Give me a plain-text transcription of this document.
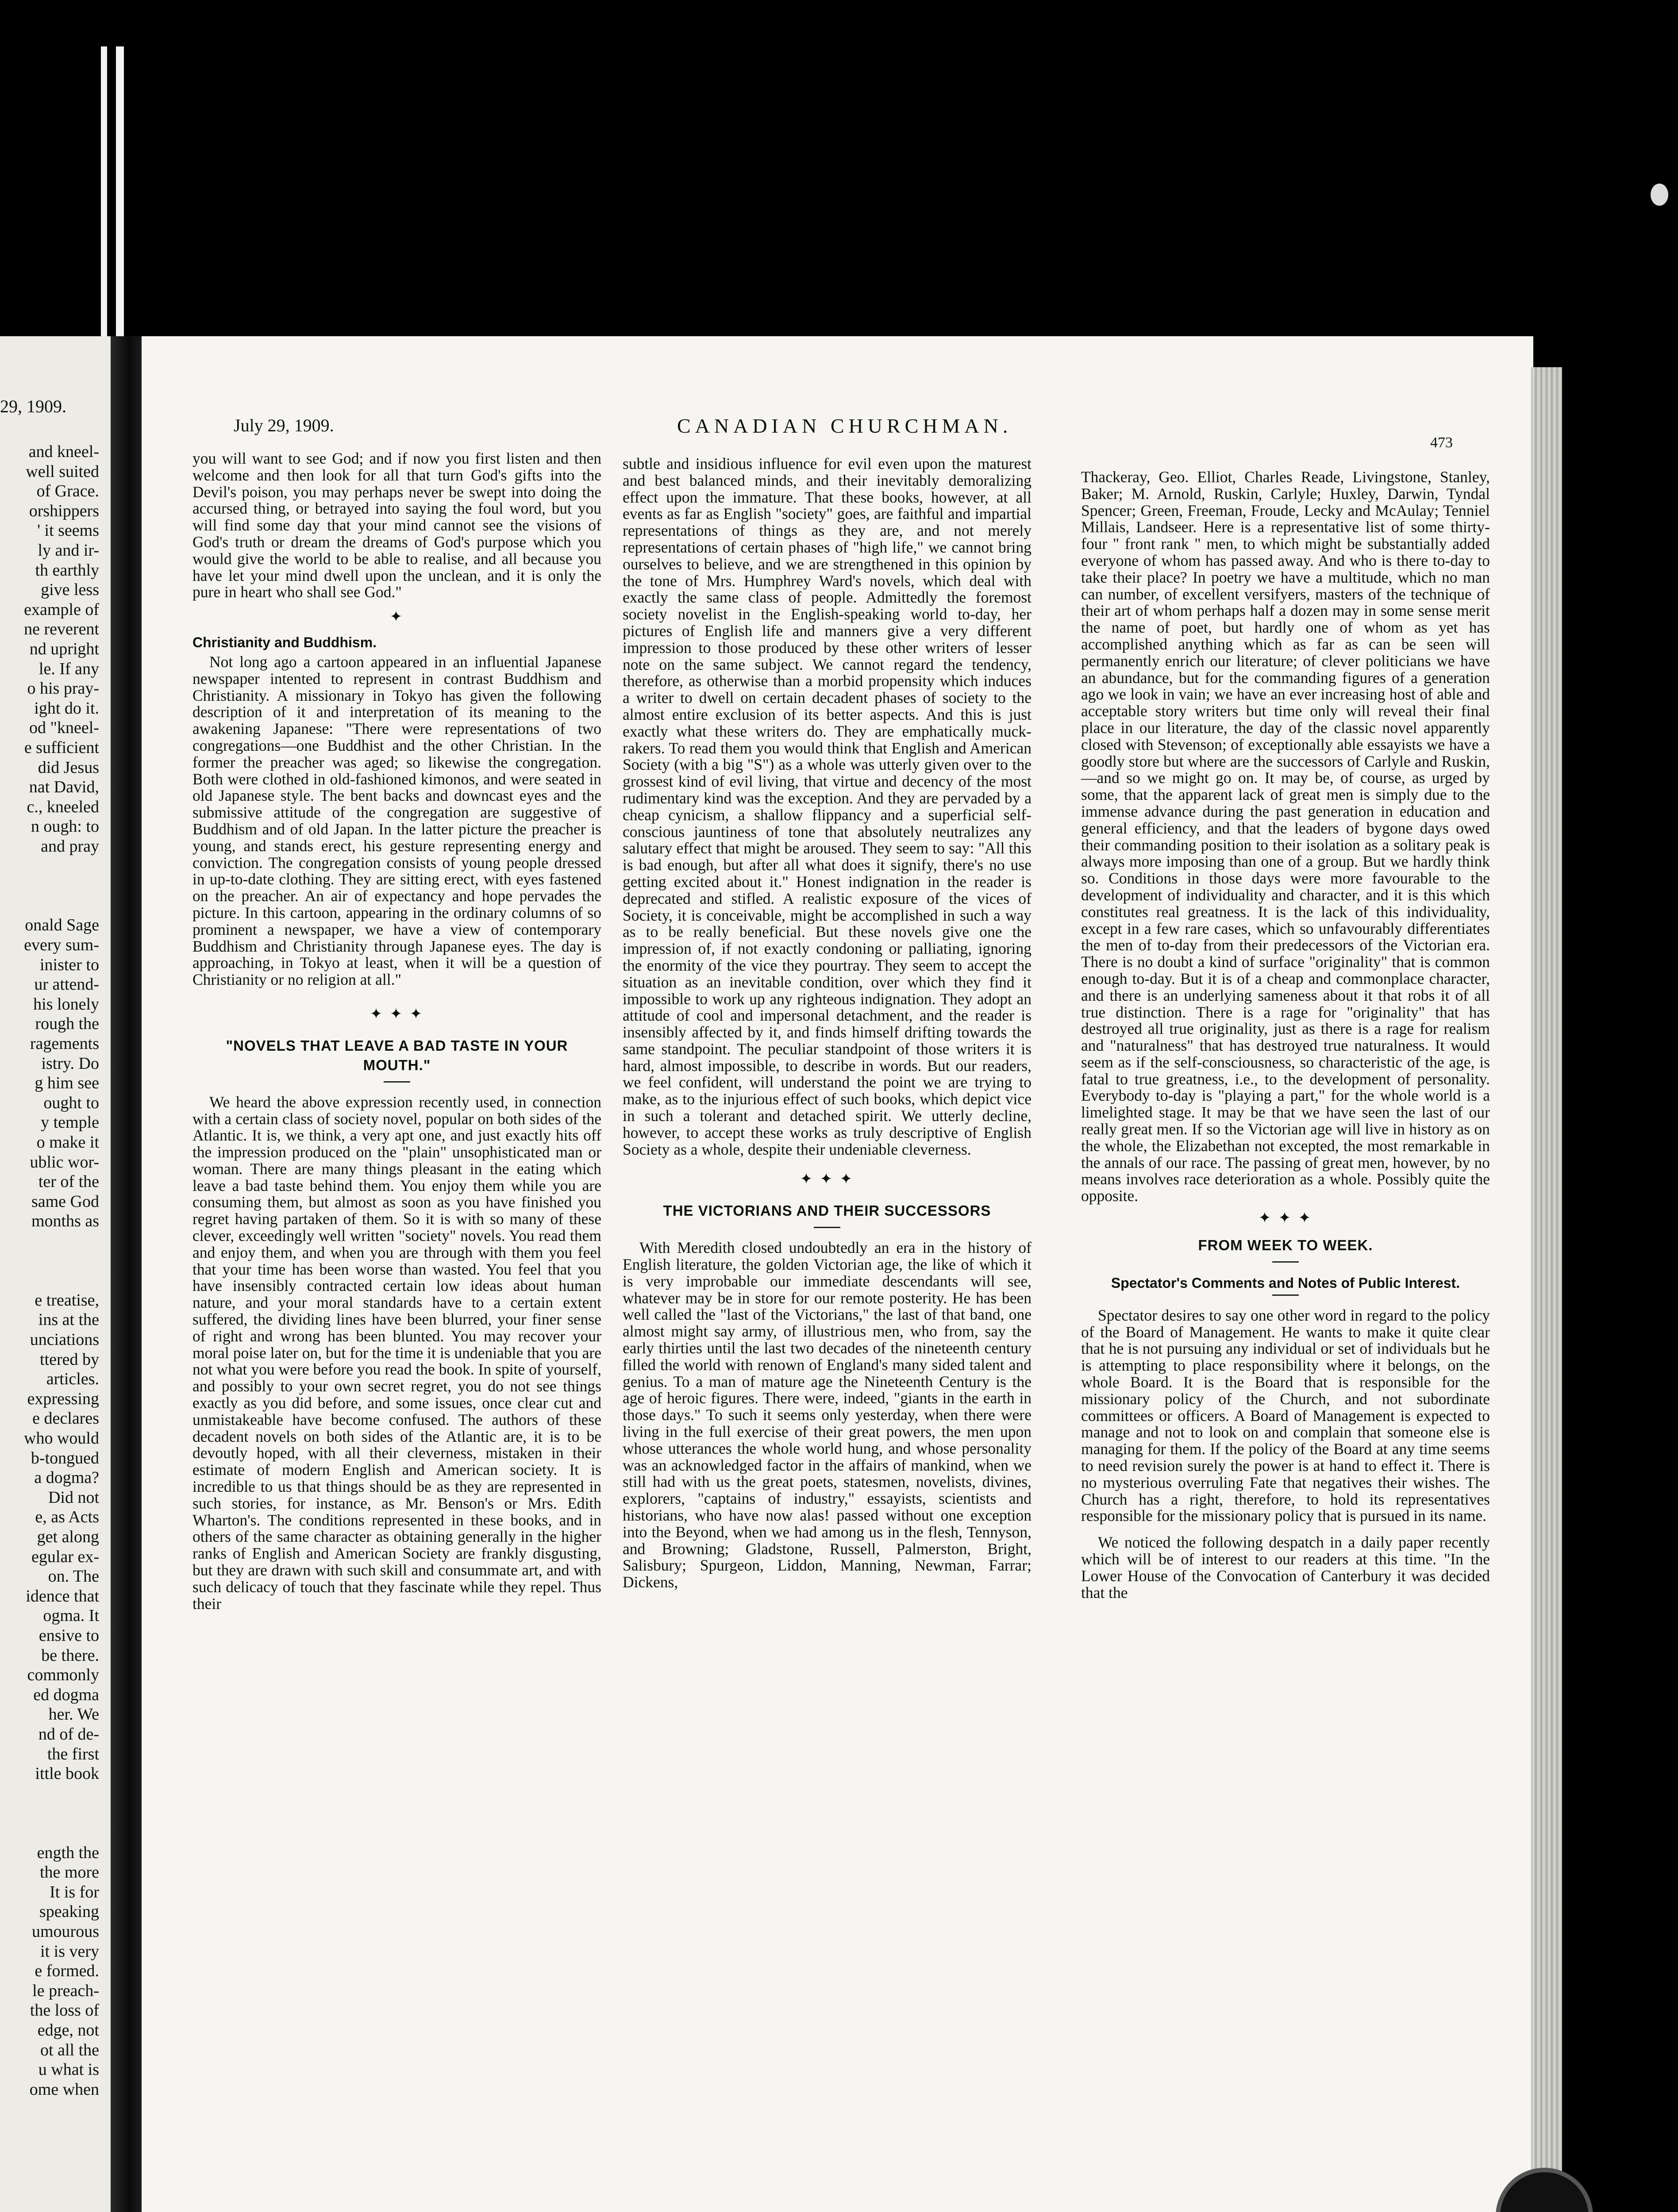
29, 1909.
and kneel-
well suited
of Grace.
orshippers
' it seems
ly and ir-
th earthly
give less
example of
ne reverent
nd upright
le. If any
o his pray-
ight do it.
od "kneel-
e sufficient
did Jesus
nat David,
c., kneeled
n ough: to
and pray
onald Sage
every sum-
inister to
ur attend-
his lonely
rough the
ragements
istry. Do
g him see
ought to
y temple
o make it
ublic wor-
ter of the
same God
months as
e treatise,
ins at the
unciations
ttered by
articles.
expressing
e declares
who would
b-tongued
a dogma?
Did not
e, as Acts
get along
egular ex-
on. The
idence that
ogma. It
ensive to
be there.
commonly
ed dogma
her. We
nd of de-
the first
ittle book
ength the
the more
It is for
speaking
umourous
it is very
e formed.
le preach-
the loss of
edge, not
ot all the
u what is
ome when
July 29, 1909.	CANADIAN CHURCHMAN.
473

you will want to see God; and if now you first listen and then welcome and then look for all that turn God's gifts into the Devil's poison, you may perhaps never be swept into doing the accursed thing, or betrayed into saying the foul word, but you will find some day that your mind cannot see the visions of God's truth or dream the dreams of God's purpose which you would give the world to be able to realise, and all because you have let your mind dwell upon the unclean, and it is only the pure in heart who shall see God."

✦
Christianity and Buddhism.

Not long ago a cartoon appeared in an influential Japanese newspaper intented to represent in contrast Buddhism and Christianity. A missionary in Tokyo has given the following description of it and interpretation of its meaning to the awakening Japanese: "There were representations of two congregations—one Buddhist and the other Christian. In the former the preacher was aged; so likewise the congregation. Both were clothed in old-fashioned kimonos, and were seated in old Japanese style. The bent backs and downcast eyes and the submissive attitude of the congregation are suggestive of Buddhism and of old Japan. In the latter picture the preacher is young, and stands erect, his gesture representing energy and conviction. The congregation consists of young people dressed in up-to-date clothing. They are sitting erect, with eyes fastened on the preacher. An air of expectancy and hope pervades the picture. In this cartoon, appearing in the ordinary columns of so prominent a newspaper, we have a view of contemporary Buddhism and Christianity through Japanese eyes. The day is approaching, in Tokyo at least, when it will be a question of Christianity or no religion at all."

✦ ✦ ✦
"NOVELS THAT LEAVE A BAD TASTE IN YOUR MOUTH."

We heard the above expression recently used, in connection with a certain class of society novel, popular on both sides of the Atlantic. It is, we think, a very apt one, and just exactly hits off the impression produced on the "plain" unsophisticated man or woman. There are many things pleasant in the eating which leave a bad taste behind them. You enjoy them while you are consuming them, but almost as soon as you have finished you regret having partaken of them. So it is with so many of these clever, exceedingly well written "society" novels. You read them and enjoy them, and when you are through with them you feel that your time has been worse than wasted. You feel that you have insensibly contracted certain low ideas about human nature, and your moral standards have to a certain extent suffered, the dividing lines have been blurred, your finer sense of right and wrong has been blunted. You may recover your moral poise later on, but for the time it is undeniable that you are not what you were before you read the book. In spite of yourself, and possibly to your own secret regret, you do not see things exactly as you did before, and some issues, once clear cut and unmistakeable have become confused. The authors of these decadent novels on both sides of the Atlantic are, it is to be devoutly hoped, with all their cleverness, mistaken in their estimate of modern English and American society. It is incredible to us that things should be as they are represented in such stories, for instance, as Mr. Benson's or Mrs. Edith Wharton's. The conditions represented in these books, and in others of the same character as obtaining generally in the higher ranks of English and American Society are frankly disgusting, but they are drawn with such skill and consummate art, and with such delicacy of touch that they fascinate while they repel. Thus their

subtle and insidious influence for evil even upon the maturest and best balanced minds, and their inevitably demoralizing effect upon the immature. That these books, however, at all events as far as English "society" goes, are faithful and impartial representations of things as they are, and not merely representations of certain phases of "high life," we cannot bring ourselves to believe, and we are strengthened in this opinion by the tone of Mrs. Humphrey Ward's novels, which deal with exactly the same class of people. Admittedly the foremost society novelist in the English-speaking world to-day, her pictures of English life and manners give a very different impression to those produced by these other writers of lesser note on the same subject. We cannot regard the tendency, therefore, as otherwise than a morbid propensity which induces a writer to dwell on certain decadent phases of society to the almost entire exclusion of its better aspects. And this is just exactly what these writers do. They are emphatically muck-rakers. To read them you would think that English and American Society (with a big "S") as a whole was utterly given over to the grossest kind of evil living, that virtue and decency of the most rudimentary kind was the exception. And they are pervaded by a cheap cynicism, a shallow flippancy and a superficial self-conscious jauntiness of tone that absolutely neutralizes any salutary effect that might be aroused. They seem to say: "All this is bad enough, but after all what does it signify, there's no use getting excited about it." Honest indignation in the reader is deprecated and stifled. A realistic exposure of the vices of Society, it is conceivable, might be accomplished in such a way as to be really beneficial. But these novels give one the impression of, if not exactly condoning or palliating, ignoring the enormity of the vice they pourtray. They seem to accept the situation as an inevitable condition, over which they find it impossible to work up any righteous indignation. They adopt an attitude of cool and impersonal detachment, and the reader is insensibly affected by it, and finds himself drifting towards the same standpoint. The peculiar standpoint of those writers it is hard, almost impossible, to describe in words. But our readers, we feel confident, will understand the point we are trying to make, as to the injurious effect of such books, which depict vice in such a tolerant and detached spirit. We utterly decline, however, to accept these works as truly descriptive of English Society as a whole, despite their undeniable cleverness.

✦ ✦ ✦
THE VICTORIANS AND THEIR SUCCESSORS

With Meredith closed undoubtedly an era in the history of English literature, the golden Victorian age, the like of which it is very improbable our immediate descendants will see, whatever may be in store for our remote posterity. He has been well called the "last of the Victorians," the last of that band, one almost might say army, of illustrious men, who from, say the early thirties until the last two decades of the nineteenth century filled the world with renown of England's many sided talent and genius. To a man of mature age the Nineteenth Century is the age of heroic figures. There were, indeed, "giants in the earth in those days." To such it seems only yesterday, when there were living in the full exercise of their great powers, the men upon whose utterances the whole world hung, and whose personality was an acknowledged factor in the affairs of mankind, when we still had with us the great poets, statesmen, novelists, divines, explorers, "captains of industry," essayists, scientists and historians, who have now alas! passed without one exception into the Beyond, when we had among us in the flesh, Tennyson, and Browning; Gladstone, Russell, Palmerston, Bright, Salisbury; Spurgeon, Liddon, Manning, Newman, Farrar; Dickens,

Thackeray, Geo. Elliot, Charles Reade, Livingstone, Stanley, Baker; M. Arnold, Ruskin, Carlyle; Huxley, Darwin, Tyndal Spencer; Green, Freeman, Froude, Lecky and McAulay; Tenniel Millais, Landseer. Here is a representative list of some thirty-four " front rank " men, to which might be substantially added everyone of whom has passed away. And who is there to-day to take their place? In poetry we have a multitude, which no man can number, of excellent versifyers, masters of the technique of their art of whom perhaps half a dozen may in some sense merit the name of poet, but hardly one of whom as yet has accomplished anything which as far as can be seen will permanently enrich our literature; of clever politicians we have an abundance, but for the commanding figures of a generation ago we look in vain; we have an ever increasing host of able and acceptable story writers but time only will reveal their final place in our literature, the day of the classic novel apparently closed with Stevenson; of exceptionally able essayists we have a goodly store but where are the successors of Carlyle and Ruskin,—and so we might go on. It may be, of course, as urged by some, that the apparent lack of great men is simply due to the immense advance during the past generation in education and general efficiency, and that the leaders of bygone days owed their commanding position to their isolation as a solitary peak is always more imposing than one of a group. But we hardly think so. Conditions in those days were more favourable to the development of individuality and character, and it is this which constitutes real greatness. It is the lack of this individuality, except in a few rare cases, which so unfavourably differentiates the men of to-day from their predecessors of the Victorian era. There is no doubt a kind of surface "originality" that is common enough to-day. But it is of a cheap and commonplace character, and there is an underlying sameness about it that robs it of all true distinction. There is a rage for "originality" that has destroyed all true originality, just as there is a rage for realism and "naturalness" that has destroyed true naturalness. It would seem as if the self-consciousness, so characteristic of the age, is fatal to true greatness, i.e., to the development of personality. Everybody to-day is "playing a part," for the whole world is a limelighted stage. It may be that we have seen the last of our really great men. If so the Victorian age will live in history as on the whole, the Elizabethan not excepted, the most remarkable in the annals of our race. The passing of great men, however, by no means involves race deterioration as a whole. Possibly quite the opposite.

✦ ✦ ✦
FROM WEEK TO WEEK.
Spectator's Comments and Notes of Public Interest.

Spectator desires to say one other word in regard to the policy of the Board of Management. He wants to make it quite clear that he is not pursuing any individual or set of individuals but he is attempting to place responsibility where it belongs, on the whole Board. It is the Board that is responsible for the missionary policy of the Church, and not subordinate committees or officers. A Board of Management is expected to manage and not to look on and complain that someone else is managing for them. If the policy of the Board at any time seems to need revision surely the power is at hand to effect it. There is no mysterious overruling Fate that negatives their wishes. The Church has a right, therefore, to hold its representatives responsible for the missionary policy that is pursued in its name.

We noticed the following despatch in a daily paper recently which will be of interest to our readers at this time. "In the Lower House of the Convocation of Canterbury it was decided that the
